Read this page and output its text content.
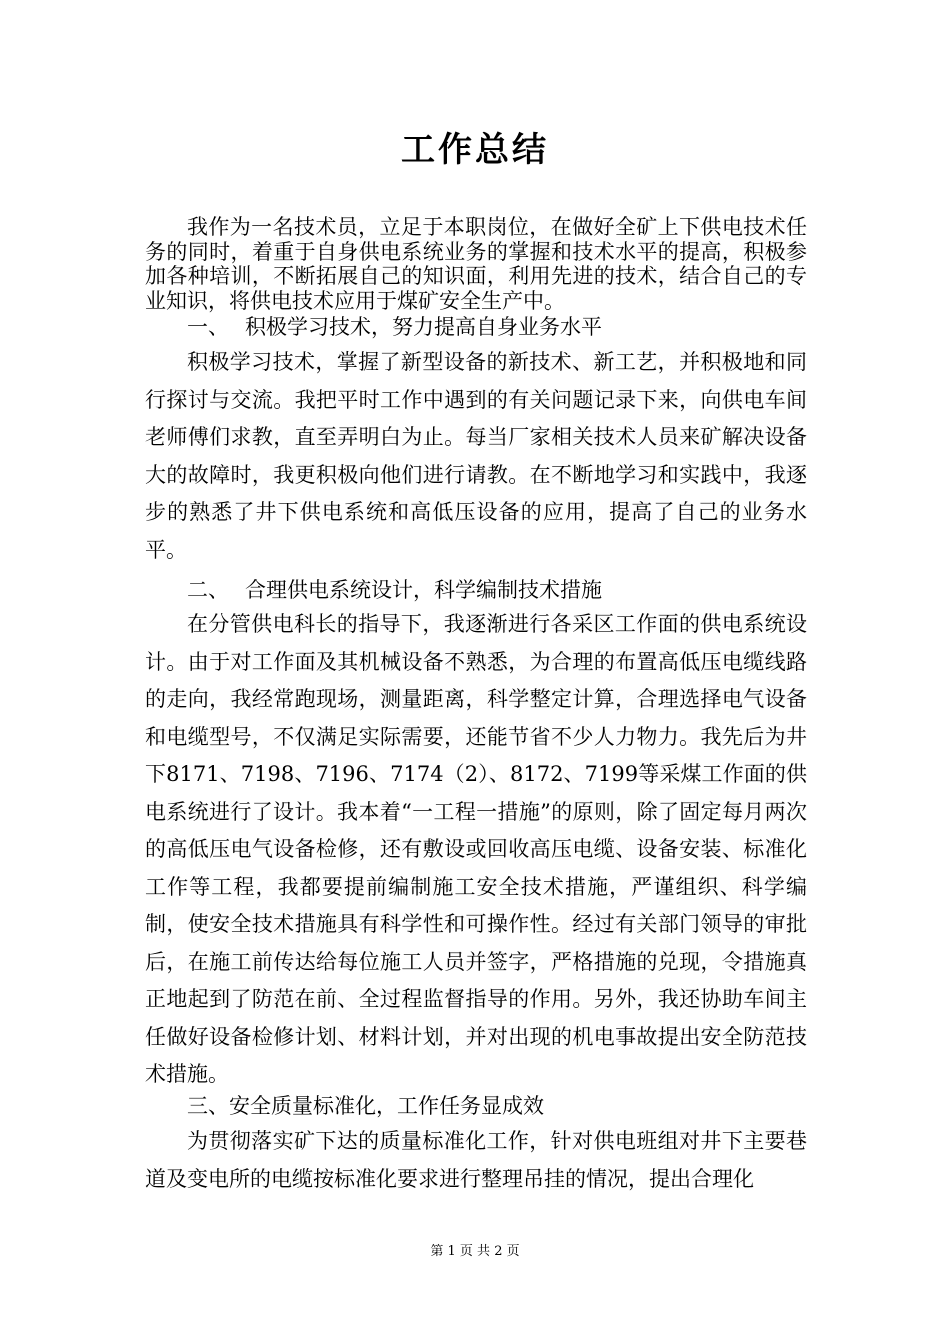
工作总结

我作为一名技术员，立足于本职岗位，在做好全矿上下供电技术任务的同时，着重于自身供电系统业务的掌握和技术水平的提高，积极参加各种培训，不断拓展自己的知识面，利用先进的技术，结合自己的专业知识，将供电技术应用于煤矿安全生产中。

一、 积极学习技术，努力提高自身业务水平

积极学习技术，掌握了新型设备的新技术、新工艺，并积极地和同行探讨与交流。我把平时工作中遇到的有关问题记录下来，向供电车间老师傅们求教，直至弄明白为止。每当厂家相关技术人员来矿解决设备大的故障时，我更积极向他们进行请教。在不断地学习和实践中，我逐步的熟悉了井下供电系统和高低压设备的应用，提高了自己的业务水平。

二、 合理供电系统设计，科学编制技术措施

在分管供电科长的指导下，我逐渐进行各采区工作面的供电系统设计。由于对工作面及其机械设备不熟悉，为合理的布置高低压电缆线路的走向，我经常跑现场，测量距离，科学整定计算，合理选择电气设备和电缆型号，不仅满足实际需要，还能节省不少人力物力。我先后为井下8171、7198、7196、7174（2）、8172、7199等采煤工作面的供电系统进行了设计。我本着“一工程一措施”的原则，除了固定每月两次的高低压电气设备检修，还有敷设或回收高压电缆、设备安装、标准化工作等工程，我都要提前编制施工安全技术措施，严谨组织、科学编制，使安全技术措施具有科学性和可操作性。经过有关部门领导的审批后，在施工前传达给每位施工人员并签字，严格措施的兑现，令措施真正地起到了防范在前、全过程监督指导的作用。另外，我还协助车间主任做好设备检修计划、材料计划，并对出现的机电事故提出安全防范技术措施。

三、安全质量标准化，工作任务显成效

为贯彻落实矿下达的质量标准化工作，针对供电班组对井下主要巷道及变电所的电缆按标准化要求进行整理吊挂的情况，提出合理化

第 1 页 共 2 页
